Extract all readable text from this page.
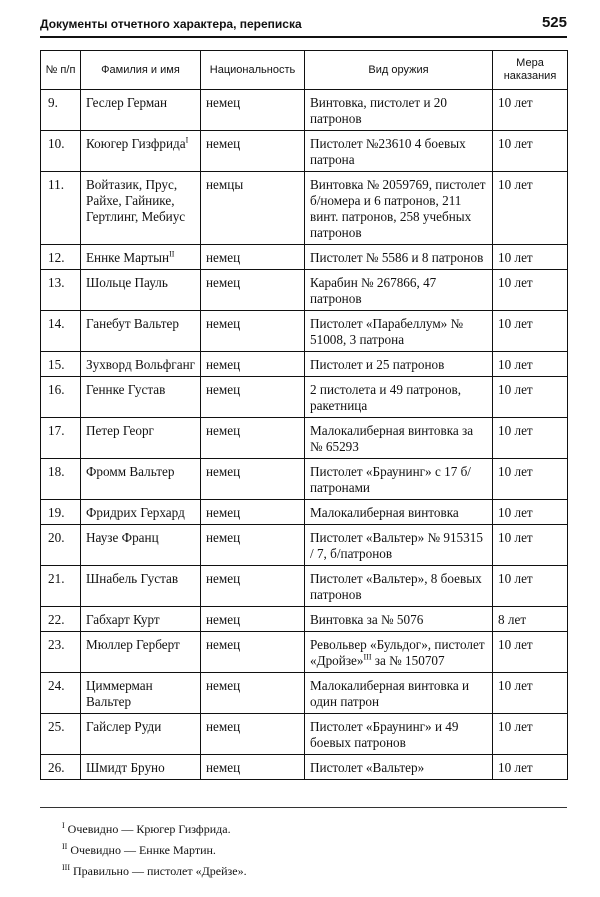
Документы отчетного характера, переписка	525
№ п/п	Фамилия и имя	Национальность	Вид оружия	Мера наказания
9.	Геслер Герман	немец	Винтовка, пистолет и 20 патронов	10 лет
10.	Коюгер Гизфрида$^I$	немец	Пистолет №23610 4 боевых патрона	10 лет
11.	Войтазик, Прус, Райхе, Гайнике, Гертлинг, Мебиус	немцы	Винтовка № 2059769, пистолет б/номера и 6 патронов, 211 винт. патронов, 258 учебных патронов	10 лет
12.	Еннке Мартын$^{II}$	немец	Пистолет № 5586 и 8 патронов	10 лет
13.	Шольце Пауль	немец	Карабин № 267866, 47 патронов	10 лет
14.	Ганебут Вальтер	немец	Пистолет «Парабеллум» № 51008, 3 патрона	10 лет
15.	Зухворд Вольфганг	немец	Пистолет и 25 патронов	10 лет
16.	Геннке Густав	немец	2 пистолета и 49 патронов, ракетница	10 лет
17.	Петер Георг	немец	Малокалиберная винтовка за № 65293	10 лет
18.	Фромм Вальтер	немец	Пистолет «Браунинг» с 17 б/патронами	10 лет
19.	Фридрих Герхард	немец	Малокалиберная винтовка	10 лет
20.	Наузе Франц	немец	Пистолет «Вальтер» № 915315 / 7, б/патронов	10 лет
21.	Шнабель Густав	немец	Пистолет «Вальтер», 8 боевых патронов	10 лет
22.	Габхарт Курт	немец	Винтовка за № 5076	8 лет
23.	Мюллер Герберт	немец	Револьвер «Бульдог», пистолет «Дройзе»$^{III}$ за № 150707	10 лет
24.	Циммерман Вальтер	немец	Малокалиберная винтовка и один патрон	10 лет
25.	Гайслер Руди	немец	Пистолет «Браунинг» и 49 боевых патронов	10 лет
26.	Шмидт Бруно	немец	Пистолет «Вальтер»	10 лет
$^I$ Очевидно — Крюгер Гизфрида.
$^{II}$ Очевидно — Еннке Мартин.
$^{III}$ Правильно — пистолет «Дрейзе».
